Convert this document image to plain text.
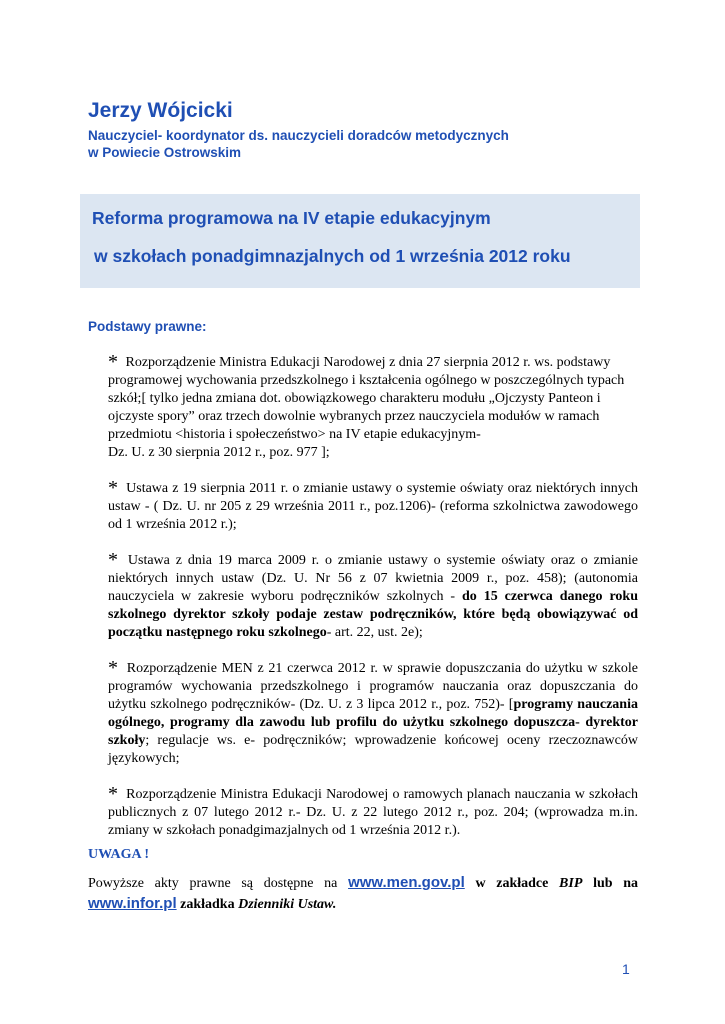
Jerzy Wójcicki
Nauczyciel- koordynator ds. nauczycieli doradców metodycznych
w Powiecie Ostrowskim
Reforma programowa na IV etapie edukacyjnym
w szkołach ponadgimnazjalnych od 1 września 2012 roku
Podstawy prawne:
* Rozporządzenie Ministra Edukacji Narodowej z dnia 27 sierpnia 2012 r. ws. podstawy programowej wychowania przedszkolnego i kształcenia ogólnego w poszczególnych typach szkół;[ tylko jedna zmiana dot. obowiązkowego charakteru modułu „Ojczysty Panteon i ojczyste spory” oraz trzech dowolnie wybranych przez nauczyciela modułów w ramach przedmiotu <historia i społeczeństwo> na IV etapie edukacyjnym-
Dz. U. z 30 sierpnia 2012 r., poz. 977 ];
* Ustawa z 19 sierpnia 2011 r. o zmianie ustawy o systemie oświaty oraz niektórych innych ustaw - ( Dz. U. nr 205 z 29 września 2011 r., poz.1206)- (reforma szkolnictwa zawodowego od 1 września 2012 r.);
* Ustawa z dnia 19 marca 2009 r. o zmianie ustawy o systemie oświaty oraz o zmianie niektórych innych ustaw (Dz. U. Nr 56 z 07 kwietnia 2009 r., poz. 458); (autonomia nauczyciela w zakresie wyboru podręczników szkolnych - do 15 czerwca danego roku szkolnego dyrektor szkoły podaje zestaw podręczników, które będą obowiązywać od początku następnego roku szkolnego- art. 22, ust. 2e);
* Rozporządzenie MEN z 21 czerwca 2012 r. w sprawie dopuszczania do użytku w szkole programów wychowania przedszkolnego i programów nauczania oraz dopuszczania do użytku szkolnego podręczników- (Dz. U. z 3 lipca 2012 r., poz. 752)- [programy nauczania ogólnego, programy dla zawodu lub profilu do użytku szkolnego dopuszcza- dyrektor szkoły; regulacje ws. e- podręczników; wprowadzenie końcowej oceny rzeczoznawców językowych;
* Rozporządzenie Ministra Edukacji Narodowej o ramowych planach nauczania w szkołach publicznych z 07 lutego 2012 r.- Dz. U. z 22 lutego 2012 r., poz. 204; (wprowadza m.in. zmiany w szkołach ponadgimazjalnych od 1 września 2012 r.).
UWAGA !
Powyższe akty prawne są dostępne na www.men.gov.pl w zakładce BIP lub na www.infor.pl zakładka Dzienniki Ustaw.
1
